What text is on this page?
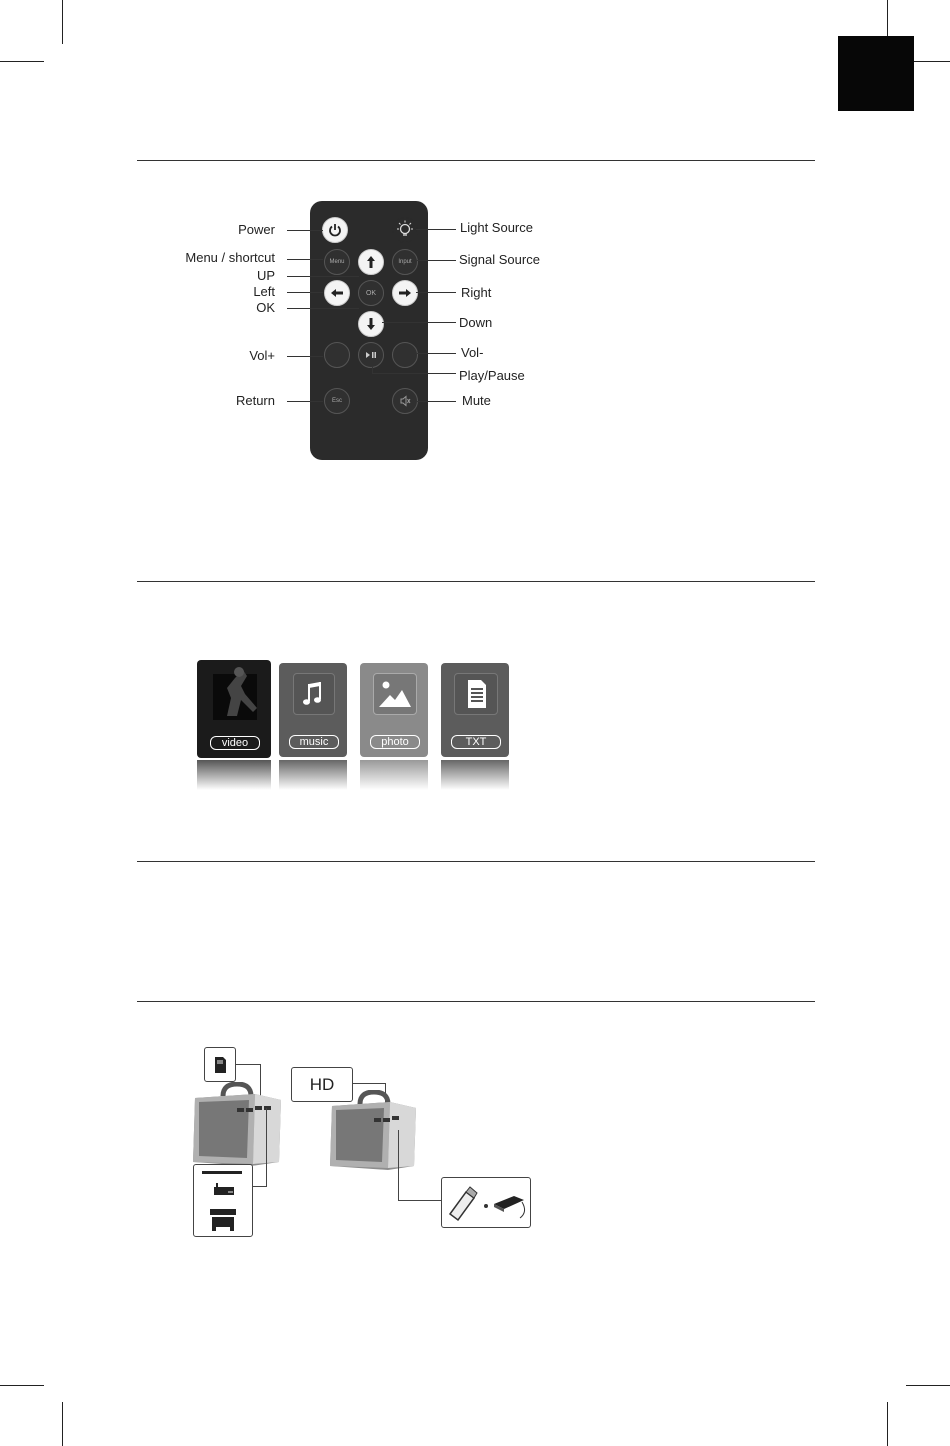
Menu	Input
OK
Esc
Power
Menu / shortcut
UP
Left
OK
Vol+
Return
Light Source
Signal Source
Right
Down
Vol-
Play/Pause
Mute
video	music	photo	TXT
HD
